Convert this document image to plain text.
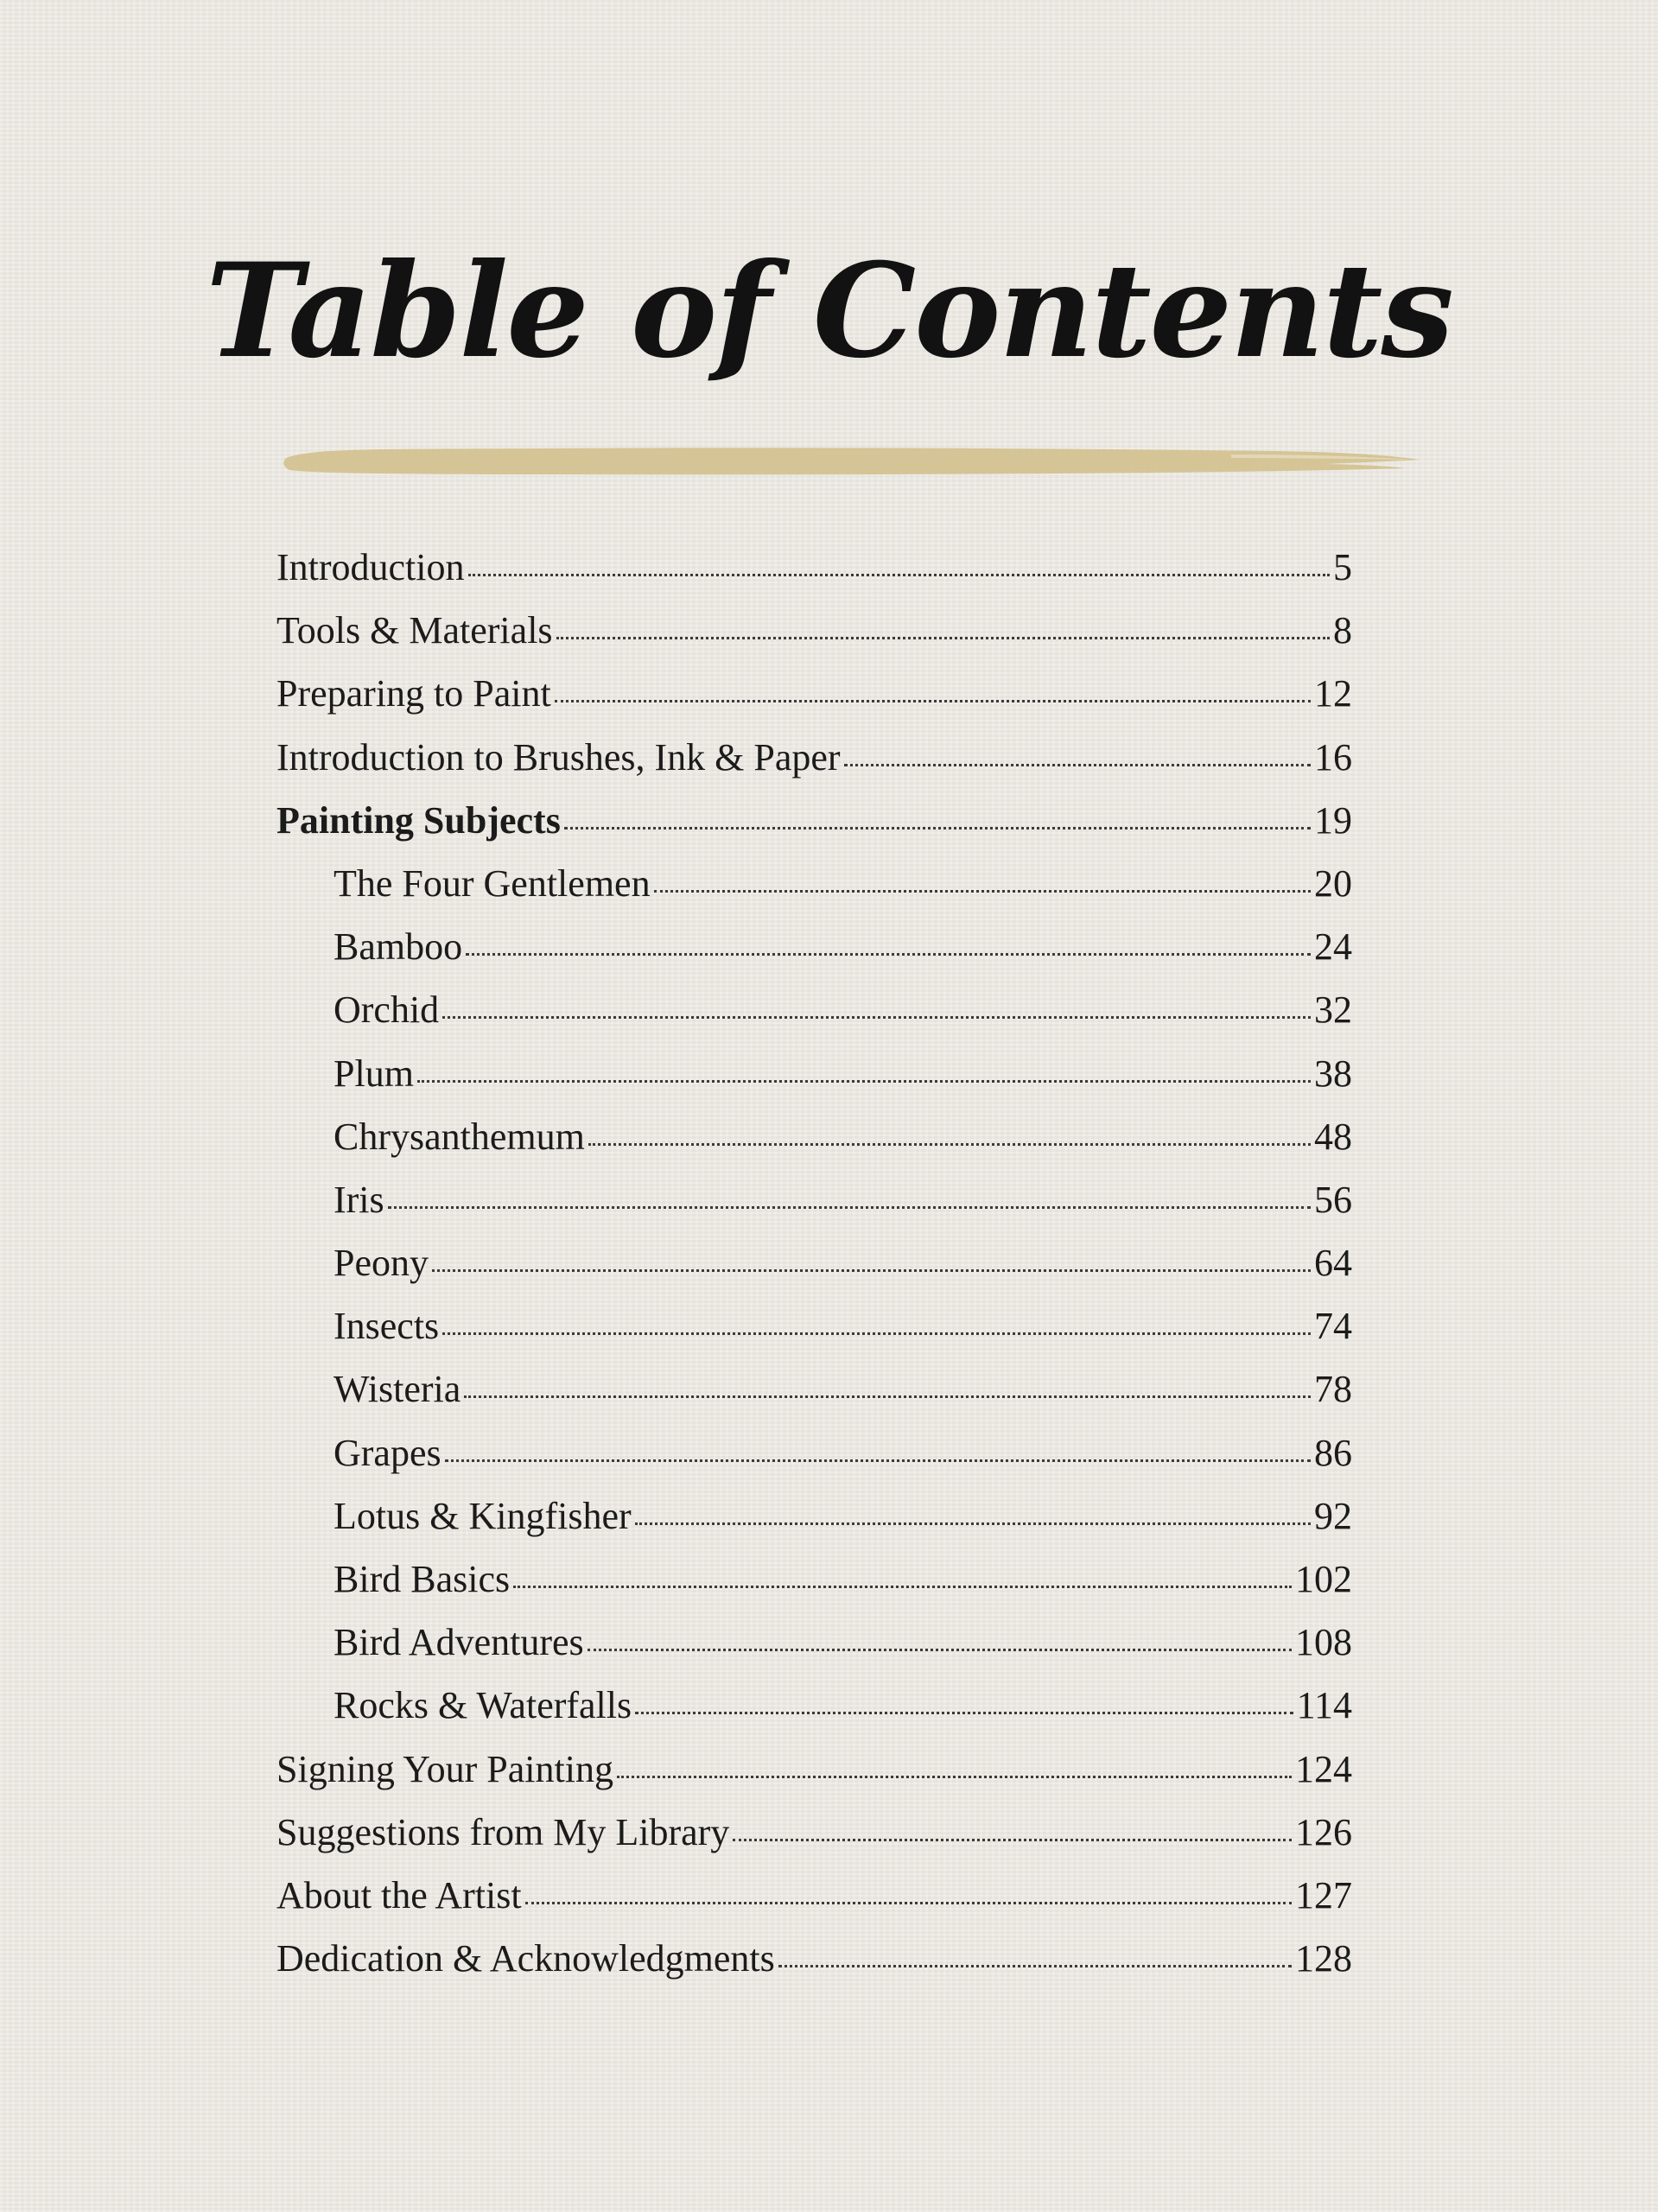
Table of Contents
Introduction	5
Tools & Materials	8
Preparing to Paint	12
Introduction to Brushes, Ink & Paper	16
Painting Subjects	19
The Four Gentlemen	20
Bamboo	24
Orchid	32
Plum	38
Chrysanthemum	48
Iris	56
Peony	64
Insects	74
Wisteria	78
Grapes	86
Lotus & Kingfisher	92
Bird Basics	102
Bird Adventures	108
Rocks & Waterfalls	114
Signing Your Painting	124
Suggestions from My Library	126
About the Artist	127
Dedication & Acknowledgments	128
